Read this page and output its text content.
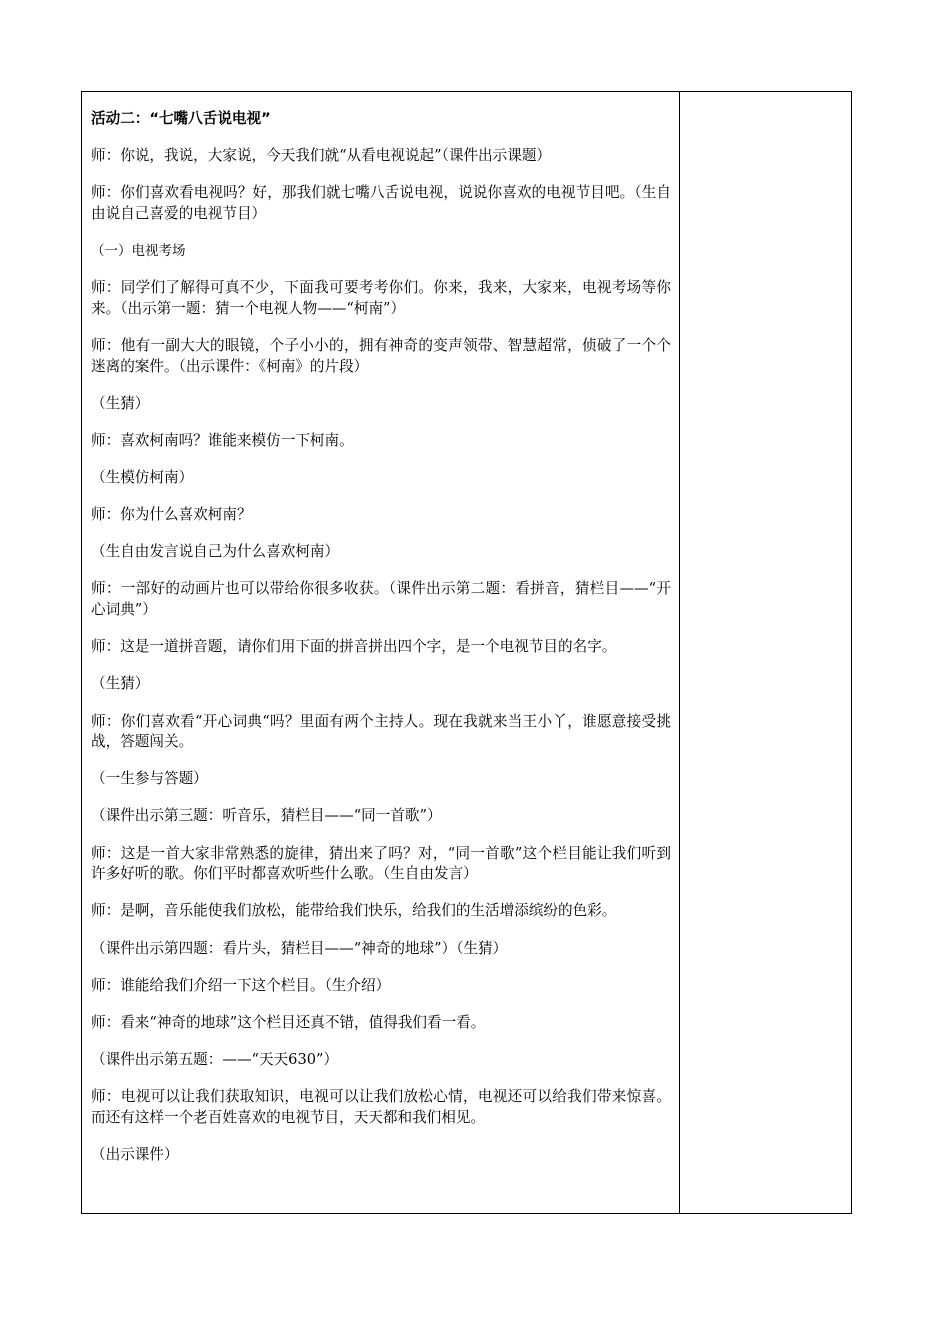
活动二：“七嘴八舌说电视”

师：你说，我说，大家说，今天我们就“从看电视说起”（课件出示课题）

师：你们喜欢看电视吗？好，那我们就七嘴八舌说电视，说说你喜欢的电视节目吧。（生自由说自己喜爱的电视节目）

（一）电视考场

师：同学们了解得可真不少，下面我可要考考你们。你来，我来，大家来，电视考场等你来。（出示第一题：猜一个电视人物——“柯南”）

师：他有一副大大的眼镜，个子小小的，拥有神奇的变声领带、智慧超常，侦破了一个个迷离的案件。（出示课件：《柯南》的片段）

（生猜）

师：喜欢柯南吗？谁能来模仿一下柯南。

（生模仿柯南）

师：你为什么喜欢柯南？

（生自由发言说自己为什么喜欢柯南）

师：一部好的动画片也可以带给你很多收获。（课件出示第二题：看拼音，猜栏目——“开心词典”）

师：这是一道拼音题，请你们用下面的拼音拼出四个字，是一个电视节目的名字。

（生猜）

师：你们喜欢看“开心词典“吗？里面有两个主持人。现在我就来当王小丫，谁愿意接受挑战，答题闯关。

（一生参与答题）

（课件出示第三题：听音乐，猜栏目——“同一首歌”）

师：这是一首大家非常熟悉的旋律，猜出来了吗？对，“同一首歌”这个栏目能让我们听到许多好听的歌。你们平时都喜欢听些什么歌。（生自由发言）

师：是啊，音乐能使我们放松，能带给我们快乐，给我们的生活增添缤纷的色彩。

（课件出示第四题：看片头，猜栏目——“神奇的地球”）（生猜）

师：谁能给我们介绍一下这个栏目。（生介绍）

师：看来“神奇的地球”这个栏目还真不错，值得我们看一看。

（课件出示第五题：——“天天630”）

师：电视可以让我们获取知识，电视可以让我们放松心情，电视还可以给我们带来惊喜。而还有这样一个老百姓喜欢的电视节目，天天都和我们相见。

（出示课件）
